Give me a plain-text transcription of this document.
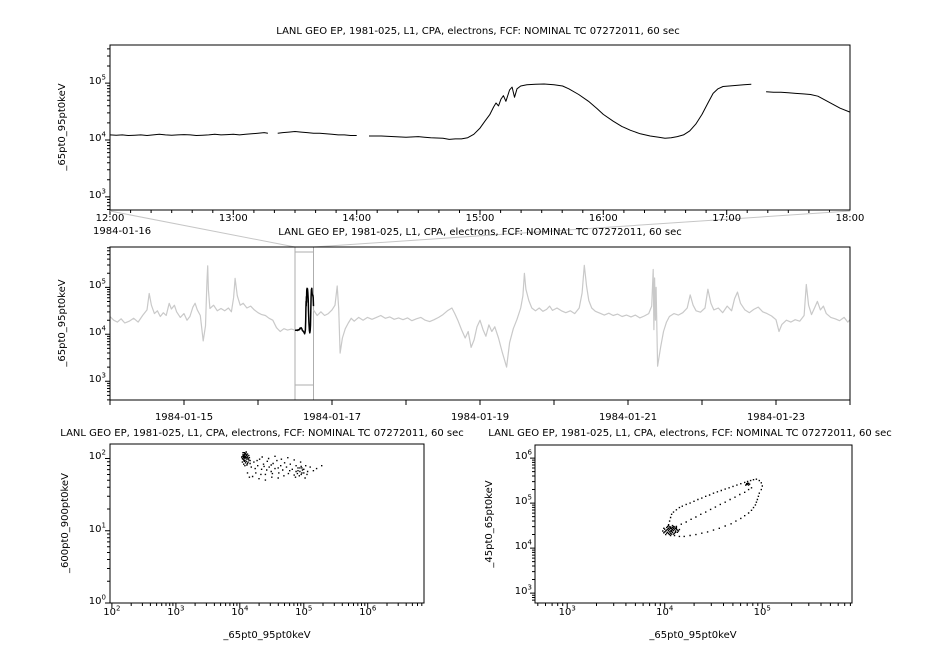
LANL GEO EP, 1981-025, L1, CPA, electrons, FCF: NOMINAL TC 07272011, 60 sec
LANL GEO EP, 1981-025, L1, CPA, electrons, FCF: NOMINAL TC 07272011, 60 sec
LANL GEO EP, 1981-025, L1, CPA, electrons, FCF: NOMINAL TC 07272011, 60 sec LANL GEO EP, 1981-025, L1, CPA, electrons, FCF: NOMINAL TC 07272011, 60 sec
_65pt0_95pt0keV
_65pt0_95pt0keV
_600pt0_900pt0keV	_45pt0_65pt0keV
_65pt0_95pt0keV	_65pt0_95pt0keV
1984-01-16
12:00	13:00	14:00	15:00	16:00	17:00	18:00
$10^3$
$10^4$
$10^5$
1984-01-15	1984-01-17	1984-01-19	1984-01-21	1984-01-23
$10^3$
$10^4$
$10^5$
$10^2$	$10^3$	$10^4$	$10^5$	$10^6$
$10^0$
$10^1$
$10^2$
$10^3$	$10^4$	$10^5$
$10^3$
$10^4$
$10^5$
$10^6$
